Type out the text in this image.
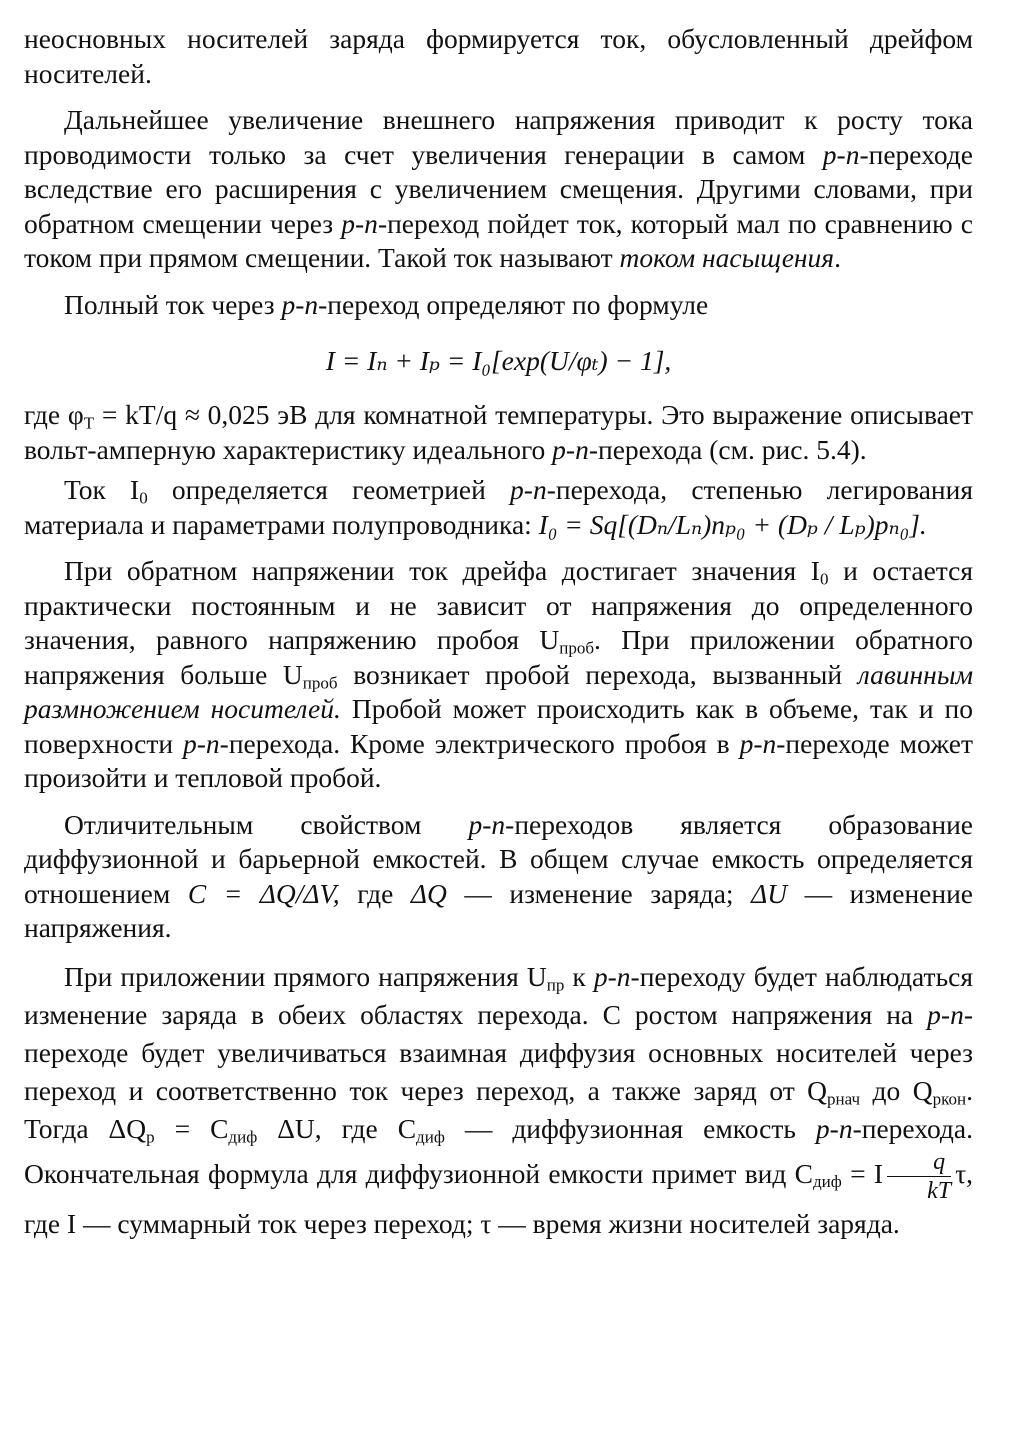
неосновных носителей заряда формируется ток, обусловленный дрейфом носителей.

Дальнейшее увеличение внешнего напряжения приводит к росту тока проводимости только за счет увеличения генерации в самом p-n-переходе вследствие его расширения с увеличением смещения. Другими словами, при обратном смещении через p-n-переход пойдет ток, который мал по сравнению с током при прямом смещении. Такой ток называют током насыщения.

Полный ток через p-n-переход определяют по формуле

I = Iₙ + Iₚ = I₀[exp(U/φₜ) − 1],

где $\varphi_T = kT/q \approx 0,025$ эВ для комнатной температуры. Это выражение описывает вольт-амперную характеристику идеального p-n-перехода (см. рис. 5.4).

Ток $I_0$ определяется геометрией p-n-перехода, степенью легирования материала и параметрами полупроводника: I₀ = Sq[(Dₙ/Lₙ)nₚ₀ + (Dₚ / Lₚ)pₙ₀].

При обратном напряжении ток дрейфа достигает значения $I_0$ и остается практически постоянным и не зависит от напряжения до определенного значения, равного напряжению пробоя $U_{проб}$. При приложении обратного напряжения больше $U_{проб}$ возникает пробой перехода, вызванный лавинным размножением носителей. Пробой может происходить как в объеме, так и по поверхности p-n-перехода. Кроме электрического пробоя в p-n-переходе может произойти и тепловой пробой.

Отличительным свойством p-n-переходов является образование диффузионной и барьерной емкостей. В общем случае емкость определяется отношением C = ΔQ/ΔV, где ΔQ — изменение заряда; ΔU — изменение напряжения.

При приложении прямого напряжения $U_{пр}$ к p-n-переходу будет наблюдаться изменение заряда в обеих областях перехода. С ростом напряжения на p-n-переходе будет увеличиваться взаимная диффузия основных носителей через переход и соответственно ток через переход, а также заряд от $Q_{рнач}$ до $Q_{ркон}$. Тогда $\Delta Q_p = C_{диф}$ ΔU, где $C_{диф}$ — диффузионная емкость p-n-перехода. Окончательная формула для диффузионной емкости примет вид $C_{диф} = I \frac{q}{kT} \tau$, где I — суммарный ток через переход; τ — время жизни носителей заряда.
